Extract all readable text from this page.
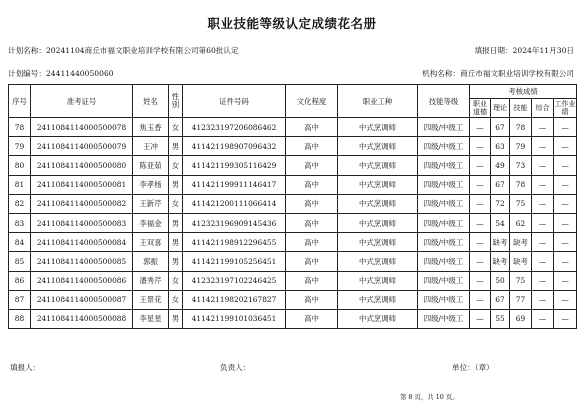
职业技能等级认定成绩花名册
计划名称：20241104商丘市福文职业培训学校有限公司第60批认定	填报日期：2024年11月30日
计划编号：24411440050060	机构名称：商丘市福文职业培训学校有限公司
序号	准考证号	姓名	性别	证件号码	文化程度	职业工种	技能等级	考核成绩				
								职业道德	理论	技能	综合	工作业绩
78	2411084114000500078	焦玉香	女	412323197206086462	高中	中式烹调师	四级/中级工	—	67	78	—	—
79	2411084114000500079	王冲	男	411421198907096432	高中	中式烹调师	四级/中级工	—	63	79	—	—
80	2411084114000500080	陈亚茹	女	411421199305116429	高中	中式烹调师	四级/中级工	—	49	73	—	—
81	2411084114000500081	李孝杨	男	411421199911146417	高中	中式烹调师	四级/中级工	—	67	78	—	—
82	2411084114000500082	王新芹	女	411421200111066414	高中	中式烹调师	四级/中级工	—	72	75	—	—
83	2411084114000500083	李福金	男	412323196909145436	高中	中式烹调师	四级/中级工	—	54	62	—	—
84	2411084114000500084	王双喜	男	411421198912296455	高中	中式烹调师	四级/中级工	—	缺考	缺考	—	—
85	2411084114000500085	郭振	男	411421199105256451	高中	中式烹调师	四级/中级工	—	缺考	缺考	—	—
86	2411084114000500086	潘秀芹	女	412323197102246425	高中	中式烹调师	四级/中级工	—	50	75	—	—
87	2411084114000500087	王景花	女	411421198202167827	高中	中式烹调师	四级/中级工	—	67	77	—	—
88	2411084114000500088	李星星	男	411421199101036451	高中	中式烹调师	四级/中级工	—	55	69	—	—
填报人：	负责人：	单位：（章）
第 8 页，共 10 页。
